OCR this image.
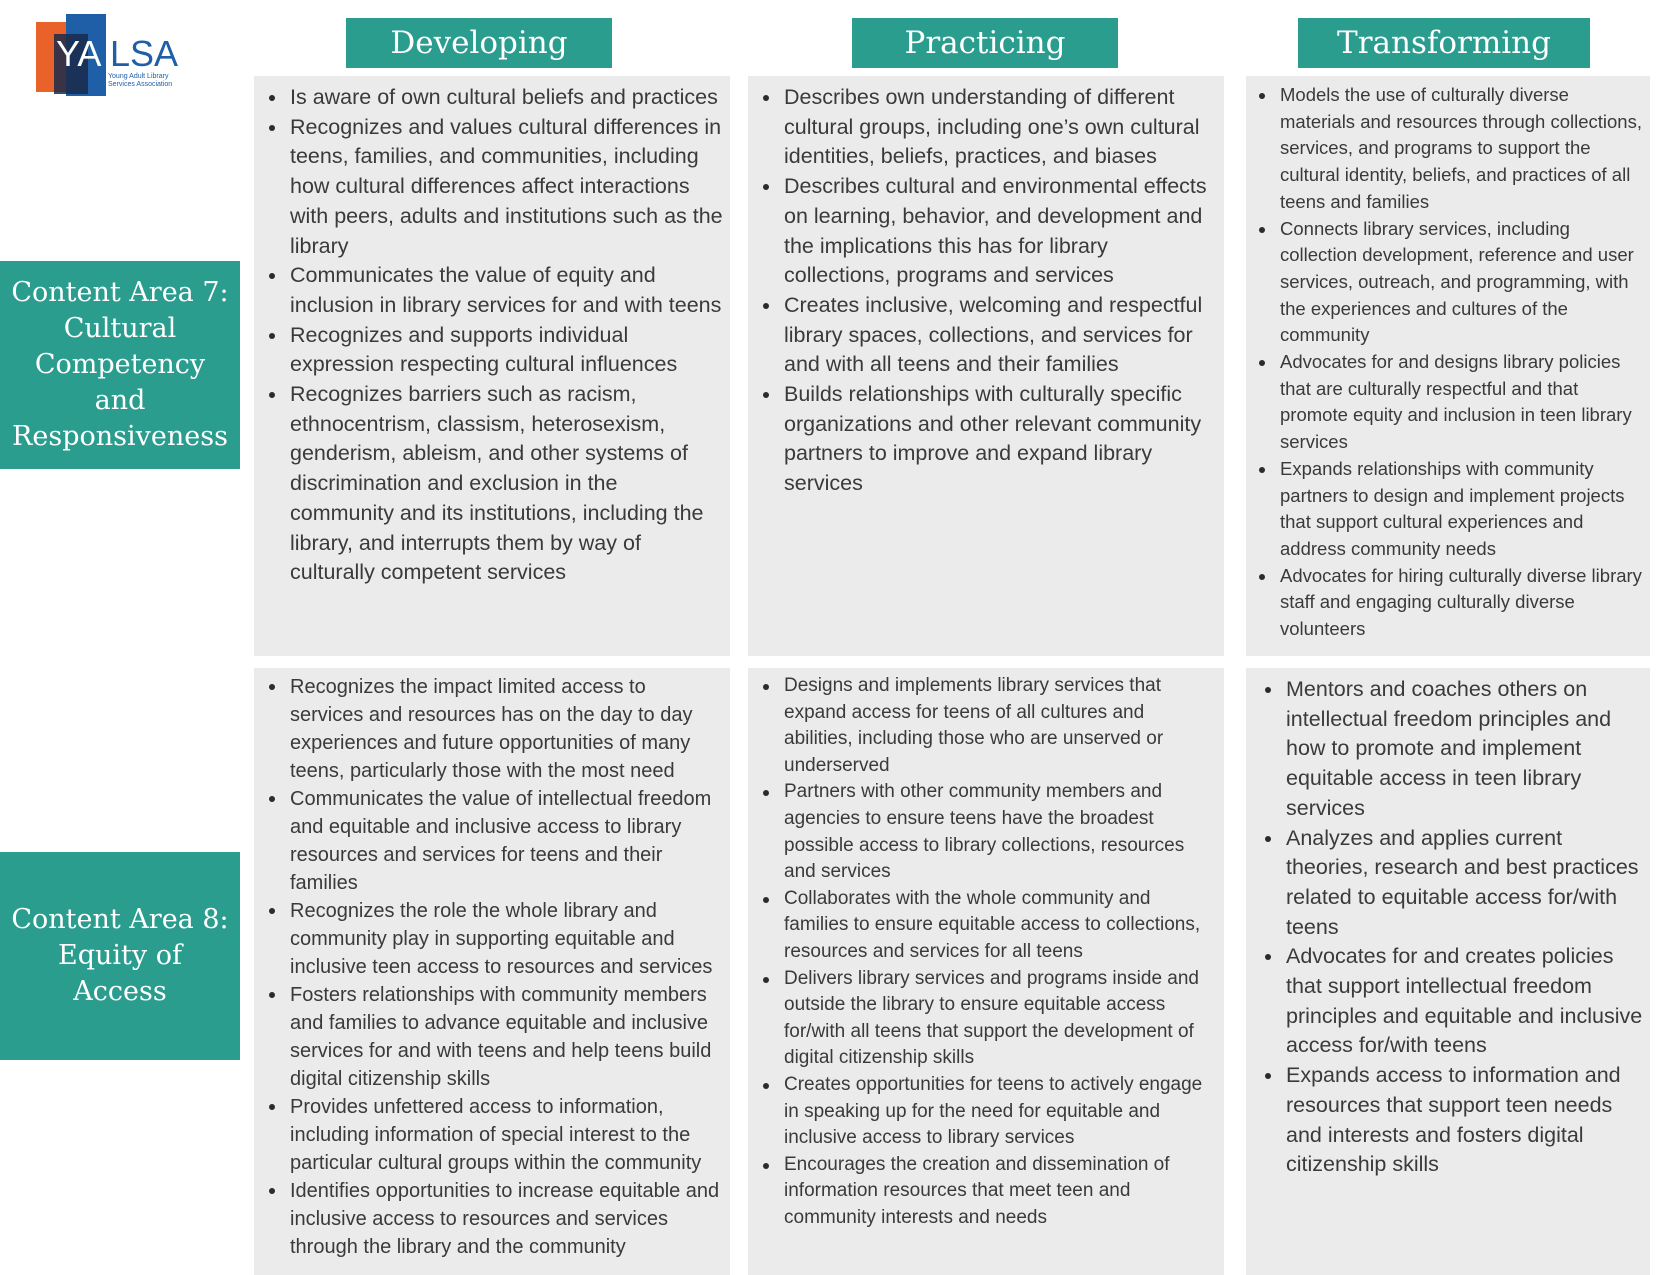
YA LSA
Young Adult Library
Services Association
Developing	Practicing	Transforming
Content Area 7:
Cultural
Competency and
Responsiveness
Content Area 8:
Equity of Access
Is aware of own cultural beliefs and practices
Recognizes and values cultural differences in teens, families, and communities, including how cultural differences affect interactions with peers, adults and institutions such as the library
Communicates the value of equity and inclusion in library services for and with teens
Recognizes and supports individual expression respecting cultural influences
Recognizes barriers such as racism, ethnocentrism, classism, heterosexism, genderism, ableism, and other systems of discrimination and exclusion in the community and its institutions, including the library, and interrupts them by way of culturally competent services
Describes own understanding of different cultural groups, including one’s own cultural identities, beliefs, practices, and biases
Describes cultural and environmental effects on learning, behavior, and development and the implications this has for library collections, programs and services
Creates inclusive, welcoming and respectful library spaces, collections, and services for and with all teens and their families
Builds relationships with culturally specific organizations and other relevant community partners to improve and expand library services
Models the use of culturally diverse materials and resources through collections, services, and programs to support the cultural identity, beliefs, and practices of all teens and families
Connects library services, including collection development, reference and user services, outreach, and programming, with the experiences and cultures of the community
Advocates for and designs library policies that are culturally respectful and that promote equity and inclusion in teen library services
Expands relationships with community partners to design and implement projects that support cultural experiences and address community needs
Advocates for hiring culturally diverse library staff and engaging culturally diverse volunteers
Recognizes the impact limited access to services and resources has on the day to day experiences and future opportunities of many teens, particularly those with the most need
Communicates the value of intellectual freedom and equitable and inclusive access to library resources and services for teens and their families
Recognizes the role the whole library and community play in supporting equitable and inclusive teen access to resources and services
Fosters relationships with community members and families to advance equitable and inclusive services for and with teens and help teens build digital citizenship skills
Provides unfettered access to information, including information of special interest to the particular cultural groups within the community
Identifies opportunities to increase equitable and inclusive access to resources and services through the library and the community
Designs and implements library services that expand access for teens of all cultures and abilities, including those who are unserved or underserved
Partners with other community members and agencies to ensure teens have the broadest possible access to library collections, resources and services
Collaborates with the whole community and families to ensure equitable access to collections, resources and services for all teens
Delivers library services and programs inside and outside the library to ensure equitable access for/with all teens that support the development of digital citizenship skills
Creates opportunities for teens to actively engage in speaking up for the need for equitable and inclusive access to library services
Encourages the creation and dissemination of information resources that meet teen and community interests and needs
Mentors and coaches others on intellectual freedom principles and how to promote and implement equitable access in teen library services
Analyzes and applies current theories, research and best practices related to equitable access for/with teens
Advocates for and creates policies that support intellectual freedom principles and equitable and inclusive access for/with teens
Expands access to information and resources that support teen needs and interests and fosters digital citizenship skills
